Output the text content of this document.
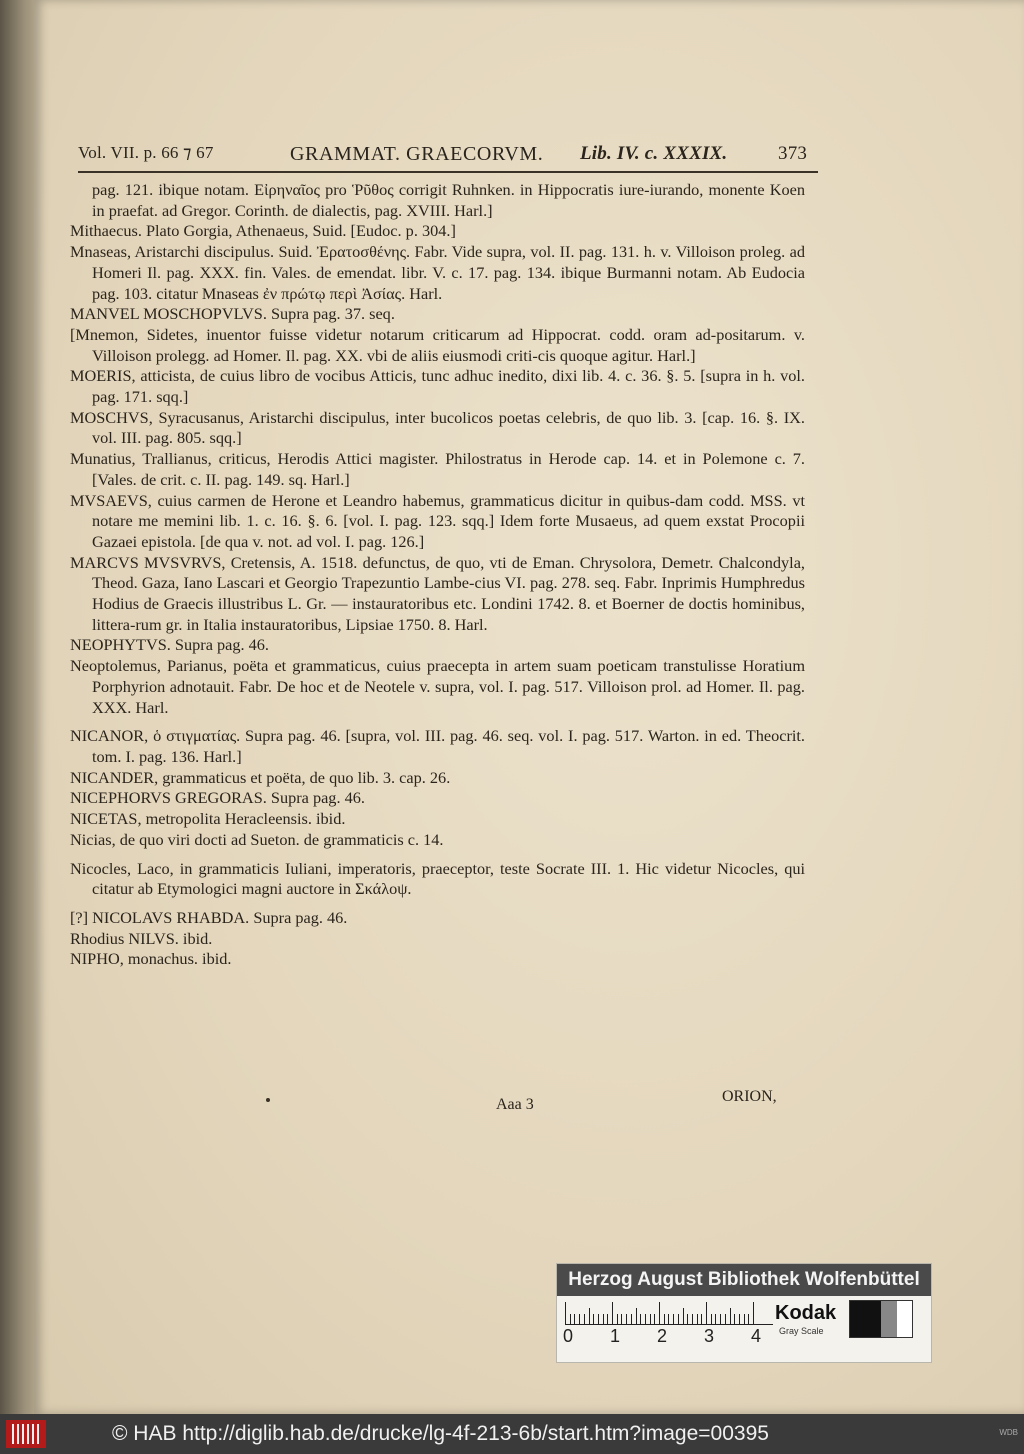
Vol. VII. p. 66 ⁊ 67	GRAMMAT. GRAECORVM. Lib. IV. c. XXXIX.	373

pag. 121. ibique notam. Εἰρηναῖος pro Ῥῦθος corrigit Ruhnken. in Hippocratis iure-iurando, monente Koen in praefat. ad Gregor. Corinth. de dialectis, pag. XVIII. Harl.]

Mithaecus. Plato Gorgia, Athenaeus, Suid. [Eudoc. p. 304.]

Mnaseas, Aristarchi discipulus. Suid. Ἐρατοσθένης. Fabr. Vide supra, vol. II. pag. 131. h. v. Villoison proleg. ad Homeri Il. pag. XXX. fin. Vales. de emendat. libr. V. c. 17. pag. 134. ibique Burmanni notam. Ab Eudocia pag. 103. citatur Mnaseas ἐν πρώτῳ περὶ Ἀσίας. Harl.

MANVEL MOSCHOPVLVS. Supra pag. 37. seq.

[Mnemon, Sidetes, inuentor fuisse videtur notarum criticarum ad Hippocrat. codd. oram ad-positarum. v. Villoison prolegg. ad Homer. Il. pag. XX. vbi de aliis eiusmodi criti-cis quoque agitur. Harl.]

MOERIS, atticista, de cuius libro de vocibus Atticis, tunc adhuc inedito, dixi lib. 4. c. 36. §. 5. [supra in h. vol. pag. 171. sqq.]

MOSCHVS, Syracusanus, Aristarchi discipulus, inter bucolicos poetas celebris, de quo lib. 3. [cap. 16. §. IX. vol. III. pag. 805. sqq.]

Munatius, Trallianus, criticus, Herodis Attici magister. Philostratus in Herode cap. 14. et in Polemone c. 7. [Vales. de crit. c. II. pag. 149. sq. Harl.]

MVSAEVS, cuius carmen de Herone et Leandro habemus, grammaticus dicitur in quibus-dam codd. MSS. vt notare me memini lib. 1. c. 16. §. 6. [vol. I. pag. 123. sqq.] Idem forte Musaeus, ad quem exstat Procopii Gazaei epistola. [de qua v. not. ad vol. I. pag. 126.]

MARCVS MVSVRVS, Cretensis, A. 1518. defunctus, de quo, vti de Eman. Chrysolora, Demetr. Chalcondyla, Theod. Gaza, Iano Lascari et Georgio Trapezuntio Lambe-cius VI. pag. 278. seq. Fabr. Inprimis Humphredus Hodius de Graecis illustribus L. Gr. — instauratoribus etc. Londini 1742. 8. et Boerner de doctis hominibus, littera-rum gr. in Italia instauratoribus, Lipsiae 1750. 8. Harl.

NEOPHYTVS. Supra pag. 46.

Neoptolemus, Parianus, poëta et grammaticus, cuius praecepta in artem suam poeticam transtulisse Horatium Porphyrion adnotauit. Fabr. De hoc et de Neotele v. supra, vol. I. pag. 517. Villoison prol. ad Homer. Il. pag. XXX. Harl.

NICANOR, ὁ στιγματίας. Supra pag. 46. [supra, vol. III. pag. 46. seq. vol. I. pag. 517. Warton. in ed. Theocrit. tom. I. pag. 136. Harl.]

NICANDER, grammaticus et poëta, de quo lib. 3. cap. 26.

NICEPHORVS GREGORAS. Supra pag. 46.

NICETAS, metropolita Heracleensis. ibid.

Nicias, de quo viri docti ad Sueton. de grammaticis c. 14.

Nicocles, Laco, in grammaticis Iuliani, imperatoris, praeceptor, teste Socrate III. 1. Hic videtur Nicocles, qui citatur ab Etymologici magni auctore in Σκάλοψ.

[?] NICOLAVS RHABDA. Supra pag. 46.

Rhodius NILVS. ibid.

NIPHO, monachus. ibid.

Aaa 3	ORION,
Herzog August Bibliothek Wolfenbüttel
0 1 2 3 4
Kodak
Gray Scale
© HAB http://diglib.hab.de/drucke/lg-4f-213-6b/start.htm?image=00395	WDB
